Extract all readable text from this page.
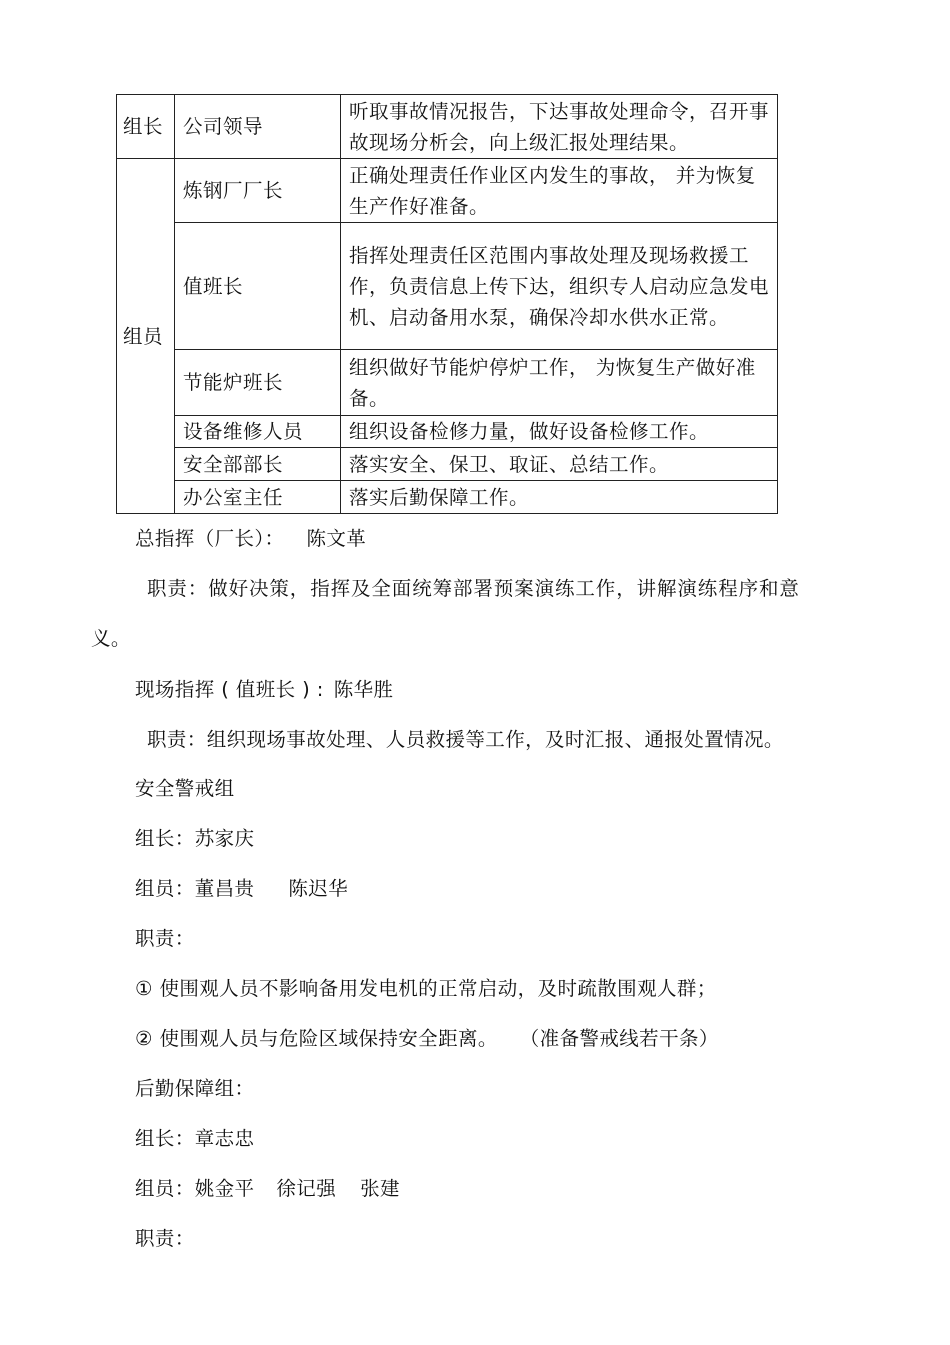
组长	公司领导	听取事故情况报告，下达事故处理命令，召开事故现场分析会，向上级汇报处理结果。
组员	炼钢厂厂长	正确处理责任作业区内发生的事故， 并为恢复生产作好准备。
	值班长	指挥处理责任区范围内事故处理及现场救援工作，负责信息上传下达，组织专人启动应急发电机、启动备用水泵，确保冷却水供水正常。
	节能炉班长	组织做好节能炉停炉工作， 为恢复生产做好准备。
	设备维修人员	组织设备检修力量，做好设备检修工作。
	安全部部长	落实安全、保卫、取证、总结工作。
	办公室主任	落实后勤保障工作。

总指挥（厂长）： 陈文革

职责：做好决策，指挥及全面统筹部署预案演练工作，讲解演练程序和意

义。

现场指挥 ( 值班长 ) : 陈华胜

职责：组织现场事故处理、人员救援等工作，及时汇报、通报处置情况。

安全警戒组

组长：苏家庆

组员：董昌贵 陈迟华

职责：

① 使围观人员不影响备用发电机的正常启动，及时疏散围观人群；

② 使围观人员与危险区域保持安全距离。 （准备警戒线若干条）

后勤保障组：

组长：章志忠

组员：姚金平 徐记强 张建

职责：
